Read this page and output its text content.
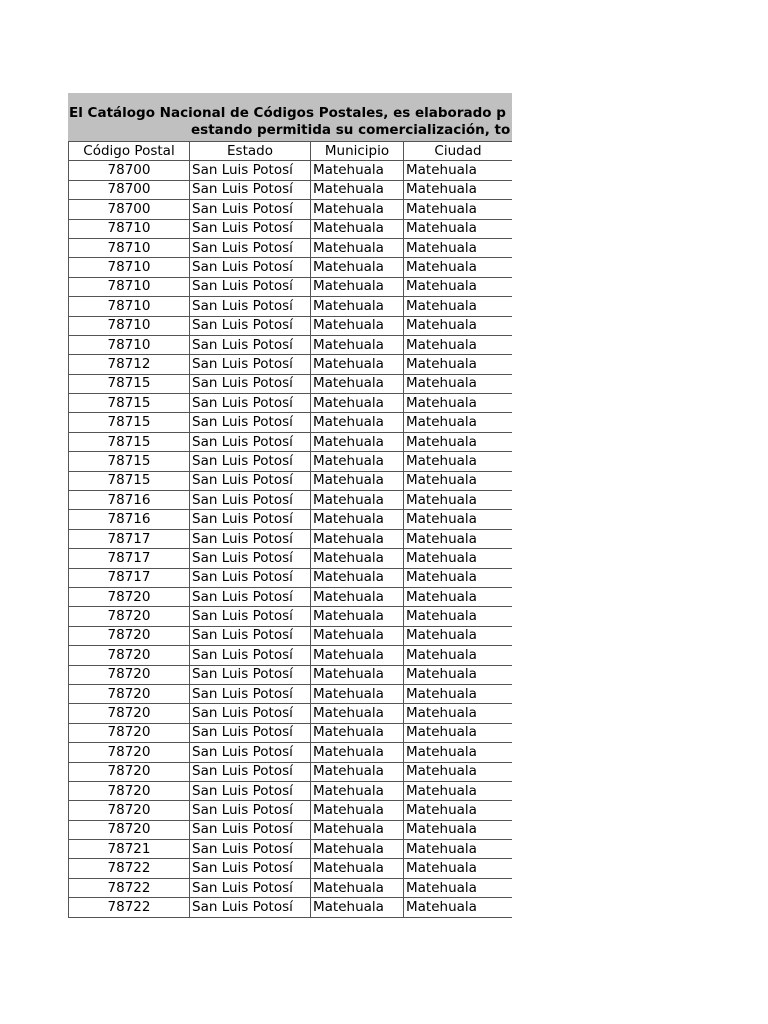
El Catálogo Nacional de Códigos Postales, es elaborado p
estando permitida su comercialización, to
Código Postal	Estado	Municipio	Ciudad
78700	San Luis Potosí	Matehuala	Matehuala
78700	San Luis Potosí	Matehuala	Matehuala
78700	San Luis Potosí	Matehuala	Matehuala
78710	San Luis Potosí	Matehuala	Matehuala
78710	San Luis Potosí	Matehuala	Matehuala
78710	San Luis Potosí	Matehuala	Matehuala
78710	San Luis Potosí	Matehuala	Matehuala
78710	San Luis Potosí	Matehuala	Matehuala
78710	San Luis Potosí	Matehuala	Matehuala
78710	San Luis Potosí	Matehuala	Matehuala
78712	San Luis Potosí	Matehuala	Matehuala
78715	San Luis Potosí	Matehuala	Matehuala
78715	San Luis Potosí	Matehuala	Matehuala
78715	San Luis Potosí	Matehuala	Matehuala
78715	San Luis Potosí	Matehuala	Matehuala
78715	San Luis Potosí	Matehuala	Matehuala
78715	San Luis Potosí	Matehuala	Matehuala
78716	San Luis Potosí	Matehuala	Matehuala
78716	San Luis Potosí	Matehuala	Matehuala
78717	San Luis Potosí	Matehuala	Matehuala
78717	San Luis Potosí	Matehuala	Matehuala
78717	San Luis Potosí	Matehuala	Matehuala
78720	San Luis Potosí	Matehuala	Matehuala
78720	San Luis Potosí	Matehuala	Matehuala
78720	San Luis Potosí	Matehuala	Matehuala
78720	San Luis Potosí	Matehuala	Matehuala
78720	San Luis Potosí	Matehuala	Matehuala
78720	San Luis Potosí	Matehuala	Matehuala
78720	San Luis Potosí	Matehuala	Matehuala
78720	San Luis Potosí	Matehuala	Matehuala
78720	San Luis Potosí	Matehuala	Matehuala
78720	San Luis Potosí	Matehuala	Matehuala
78720	San Luis Potosí	Matehuala	Matehuala
78720	San Luis Potosí	Matehuala	Matehuala
78720	San Luis Potosí	Matehuala	Matehuala
78721	San Luis Potosí	Matehuala	Matehuala
78722	San Luis Potosí	Matehuala	Matehuala
78722	San Luis Potosí	Matehuala	Matehuala
78722	San Luis Potosí	Matehuala	Matehuala
